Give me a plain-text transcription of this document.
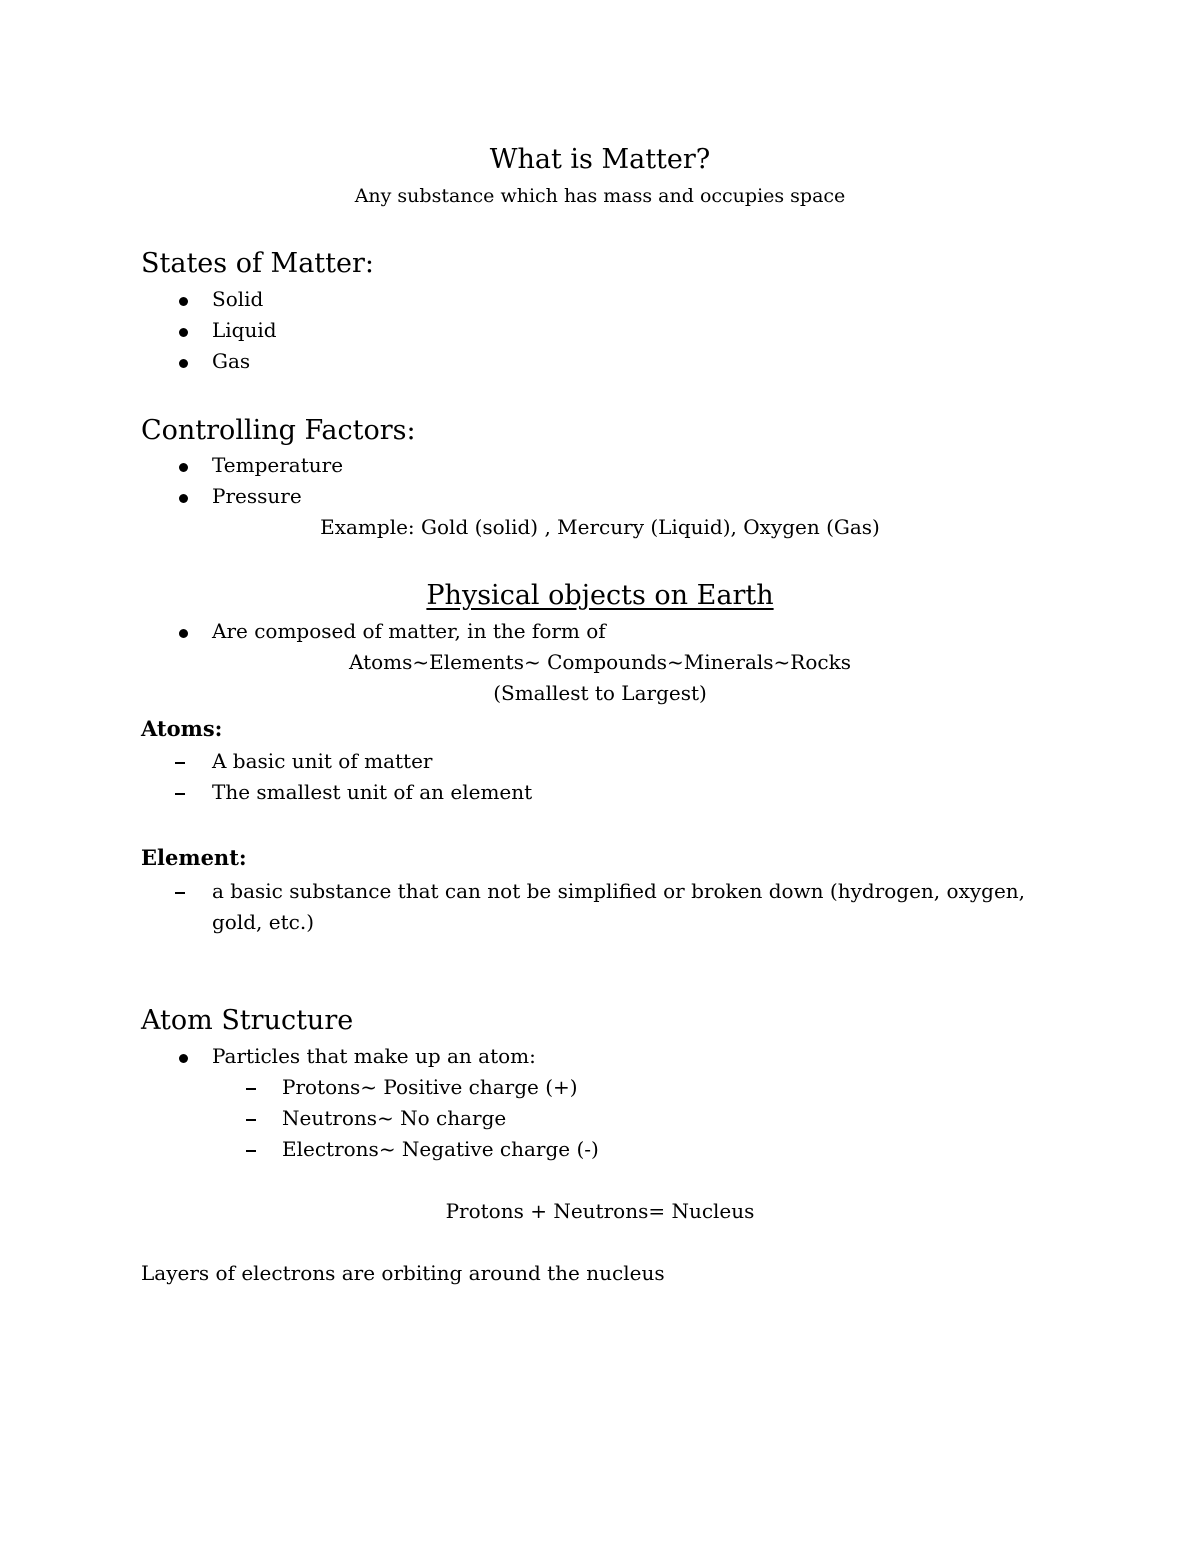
What is Matter?
Any substance which has mass and occupies space
States of Matter:
Solid
Liquid
Gas
Controlling Factors:
Temperature
Pressure
Example: Gold (solid) , Mercury (Liquid), Oxygen (Gas)
Physical objects on Earth
Are composed of matter, in the form of
Atoms~Elements~ Compounds~Minerals~Rocks
(Smallest to Largest)
Atoms:
A basic unit of matter
The smallest unit of an element
Element:
a basic substance that can not be simplified or broken down (hydrogen, oxygen,
gold, etc.)
Atom Structure
Particles that make up an atom:
Protons~ Positive charge (+)
Neutrons~ No charge
Electrons~ Negative charge (-)
Protons + Neutrons= Nucleus
Layers of electrons are orbiting around the nucleus
